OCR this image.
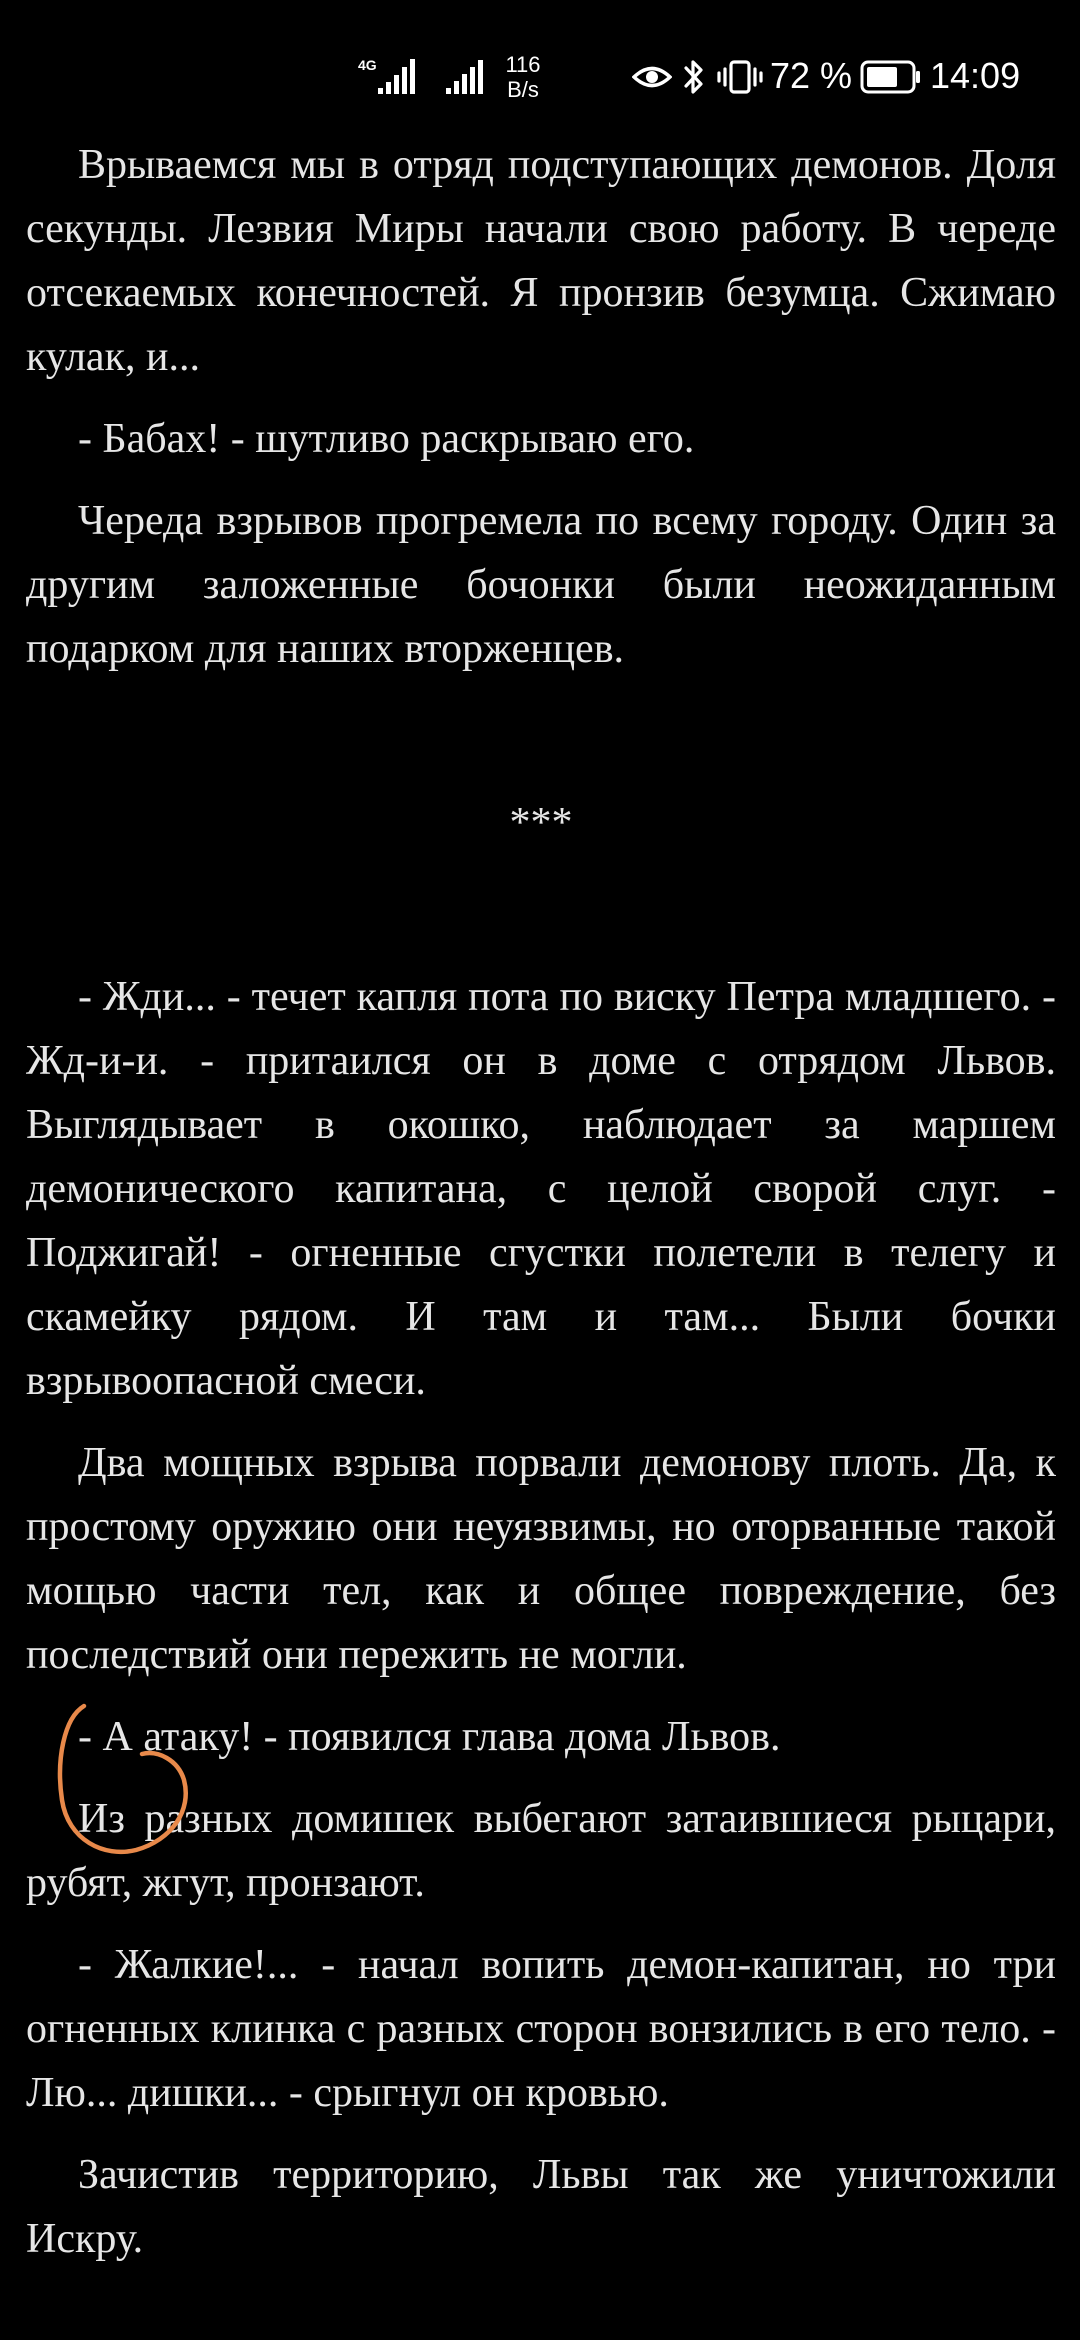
4G	116
B/s	72 % 14:09

Врываемся мы в отряд подступающих демонов. Доля секунды. Лезвия Миры начали свою работу. В череде отсекаемых конечностей. Я пронзив безумца. Сжимаю кулак, и...

- Бабах! - шутливо раскрываю его.

Череда взрывов прогремела по всему городу. Один за другим заложенные бочонки были неожиданным подарком для наших вторженцев.

***

- Жди... - течет капля пота по виску Петра младшего. - Жд-и-и. - притаился он в доме с отрядом Львов. Выглядывает в окошко, наблюдает за маршем демонического капитана, с целой сворой слуг. - Поджигай! - огненные сгустки полетели в телегу и скамейку рядом. И там и там... Были бочки взрывоопасной смеси.

Два мощных взрыва порвали демонову плоть. Да, к простому оружию они неуязвимы, но оторванные такой мощью части тел, как и общее повреждение, без последствий они пережить не могли.

- А атаку! - появился глава дома Львов.

Из разных домишек выбегают затаившиеся рыцари, рубят, жгут, пронзают.

- Жалкие!... - начал вопить демон-капитан, но три огненных клинка с разных сторон вонзились в его тело. - Лю... дишки... - срыгнул он кровью.

Зачистив территорию, Львы так же уничтожили Искру.
